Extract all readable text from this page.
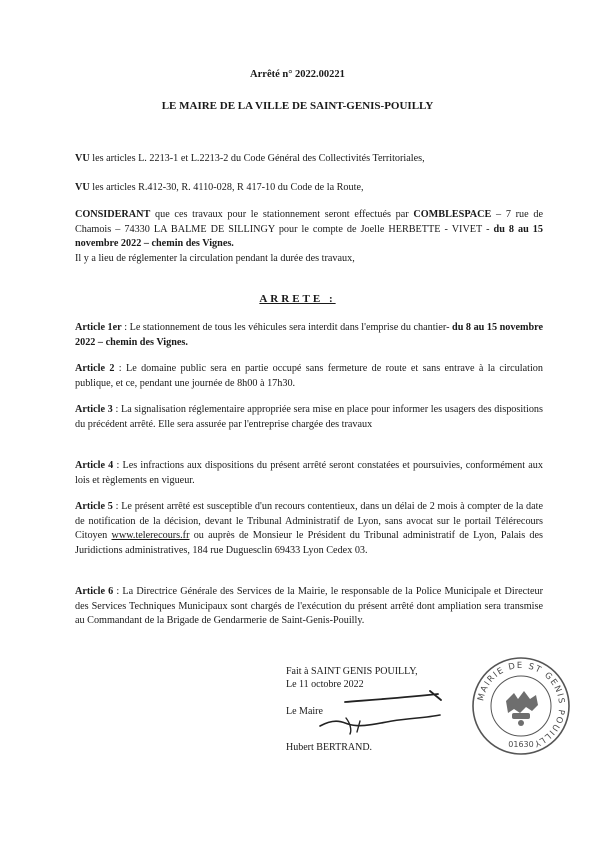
Arrêté n° 2022.00221
LE MAIRE DE LA VILLE DE SAINT-GENIS-POUILLY
VU les articles L. 2213-1 et L.2213-2 du Code Général des Collectivités Territoriales,
VU les articles R.412-30, R. 4110-028, R 417-10 du Code de la Route,
CONSIDERANT que ces travaux pour le stationnement seront effectués par COMBLESPACE – 7 rue de Chamois – 74330 LA BALME DE SILLINGY pour le compte de Joelle HERBETTE - VIVET - du 8 au 15 novembre 2022 – chemin des Vignes.
Il y a lieu de réglementer la circulation pendant la durée des travaux,
ARRETE :
Article 1er : Le stationnement de tous les véhicules sera interdit dans l'emprise du chantier- du 8 au 15 novembre 2022 – chemin des Vignes.
Article 2 : Le domaine public sera en partie occupé sans fermeture de route et sans entrave à la circulation publique, et ce, pendant une journée de 8h00 à 17h30.
Article 3 : La signalisation réglementaire appropriée sera mise en place pour informer les usagers des dispositions du précédent arrêté. Elle sera assurée par l'entreprise chargée des travaux
Article 4 : Les infractions aux dispositions du présent arrêté seront constatées et poursuivies, conformément aux lois et règlements en vigueur.
Article 5 : Le présent arrêté est susceptible d'un recours contentieux, dans un délai de 2 mois à compter de la date de notification de la décision, devant le Tribunal Administratif de Lyon, sans avocat sur le portail Télérecours Citoyen www.telerecours.fr ou auprès de Monsieur le Président du Tribunal administratif de Lyon, Palais des Juridictions administratives, 184 rue Duguesclin 69433 Lyon Cedex 03.
Article 6 : La Directrice Générale des Services de la Mairie, le responsable de la Police Municipale et Directeur des Services Techniques Municipaux sont chargés de l'exécution du présent arrêté dont ampliation sera transmise au Commandant de la Brigade de Gendarmerie de Saint-Genis-Pouilly.
Fait à SAINT GENIS POUILLY,
Le 11 octobre 2022
Le Maire
Hubert BERTRAND.
MAIRIE DE ST GENIS POUILLY
01630
